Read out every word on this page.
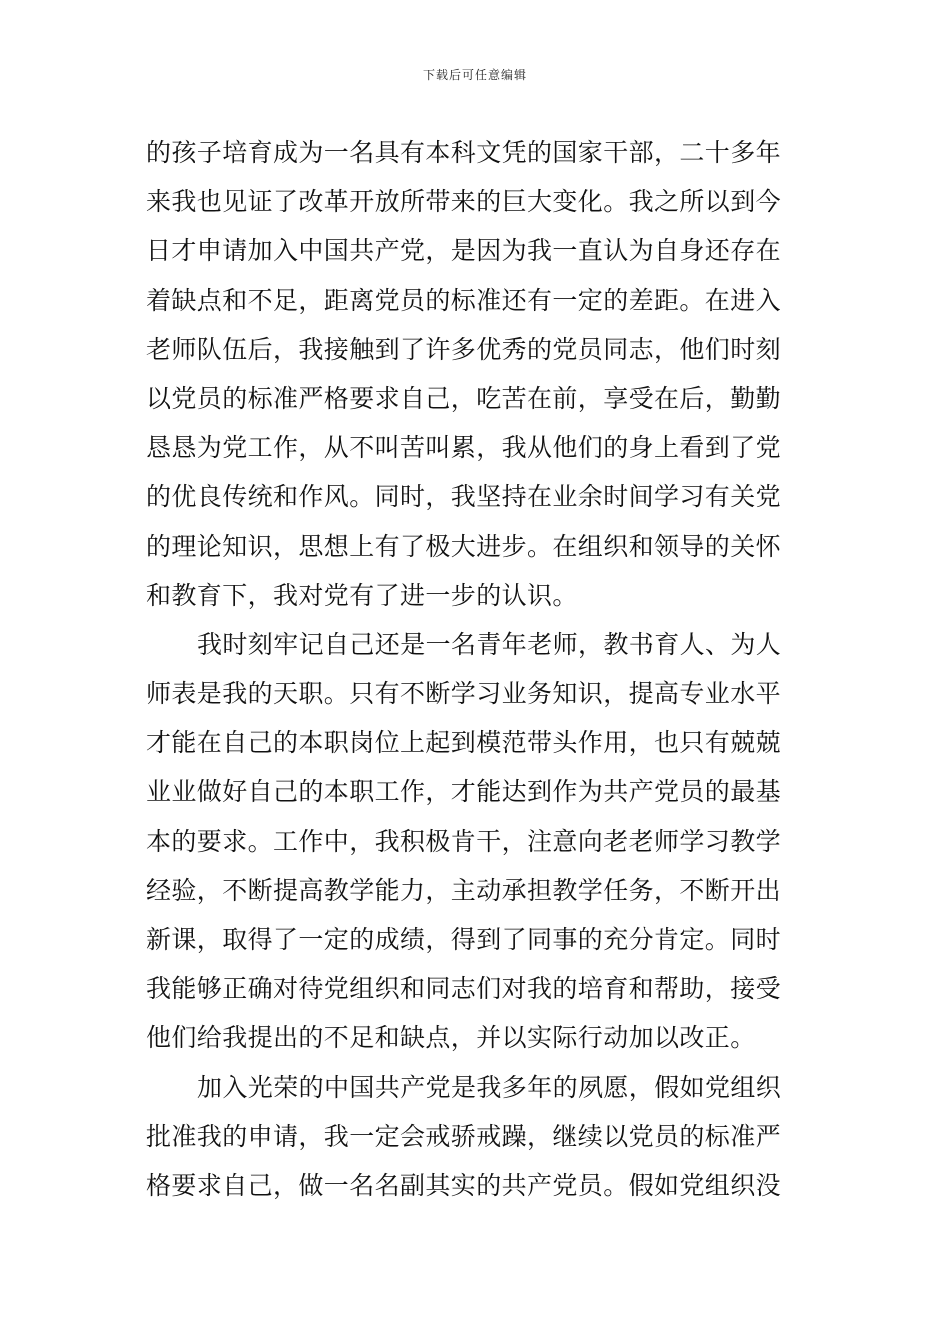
下载后可任意编辑
的孩子培育成为一名具有本科文凭的国家干部，二十多年
来我也见证了改革开放所带来的巨大变化。我之所以到今
日才申请加入中国共产党，是因为我一直认为自身还存在
着缺点和不足，距离党员的标准还有一定的差距。在进入
老师队伍后，我接触到了许多优秀的党员同志，他们时刻
以党员的标准严格要求自己，吃苦在前，享受在后，勤勤
恳恳为党工作，从不叫苦叫累，我从他们的身上看到了党
的优良传统和作风。同时，我坚持在业余时间学习有关党
的理论知识，思想上有了极大进步。在组织和领导的关怀
和教育下，我对党有了进一步的认识。
我时刻牢记自己还是一名青年老师，教书育人、为人
师表是我的天职。只有不断学习业务知识，提高专业水平
才能在自己的本职岗位上起到模范带头作用，也只有兢兢
业业做好自己的本职工作，才能达到作为共产党员的最基
本的要求。工作中，我积极肯干，注意向老老师学习教学
经验，不断提高教学能力，主动承担教学任务，不断开出
新课，取得了一定的成绩，得到了同事的充分肯定。同时
我能够正确对待党组织和同志们对我的培育和帮助，接受
他们给我提出的不足和缺点，并以实际行动加以改正。
加入光荣的中国共产党是我多年的夙愿，假如党组织
批准我的申请，我一定会戒骄戒躁，继续以党员的标准严
格要求自己，做一名名副其实的共产党员。假如党组织没
